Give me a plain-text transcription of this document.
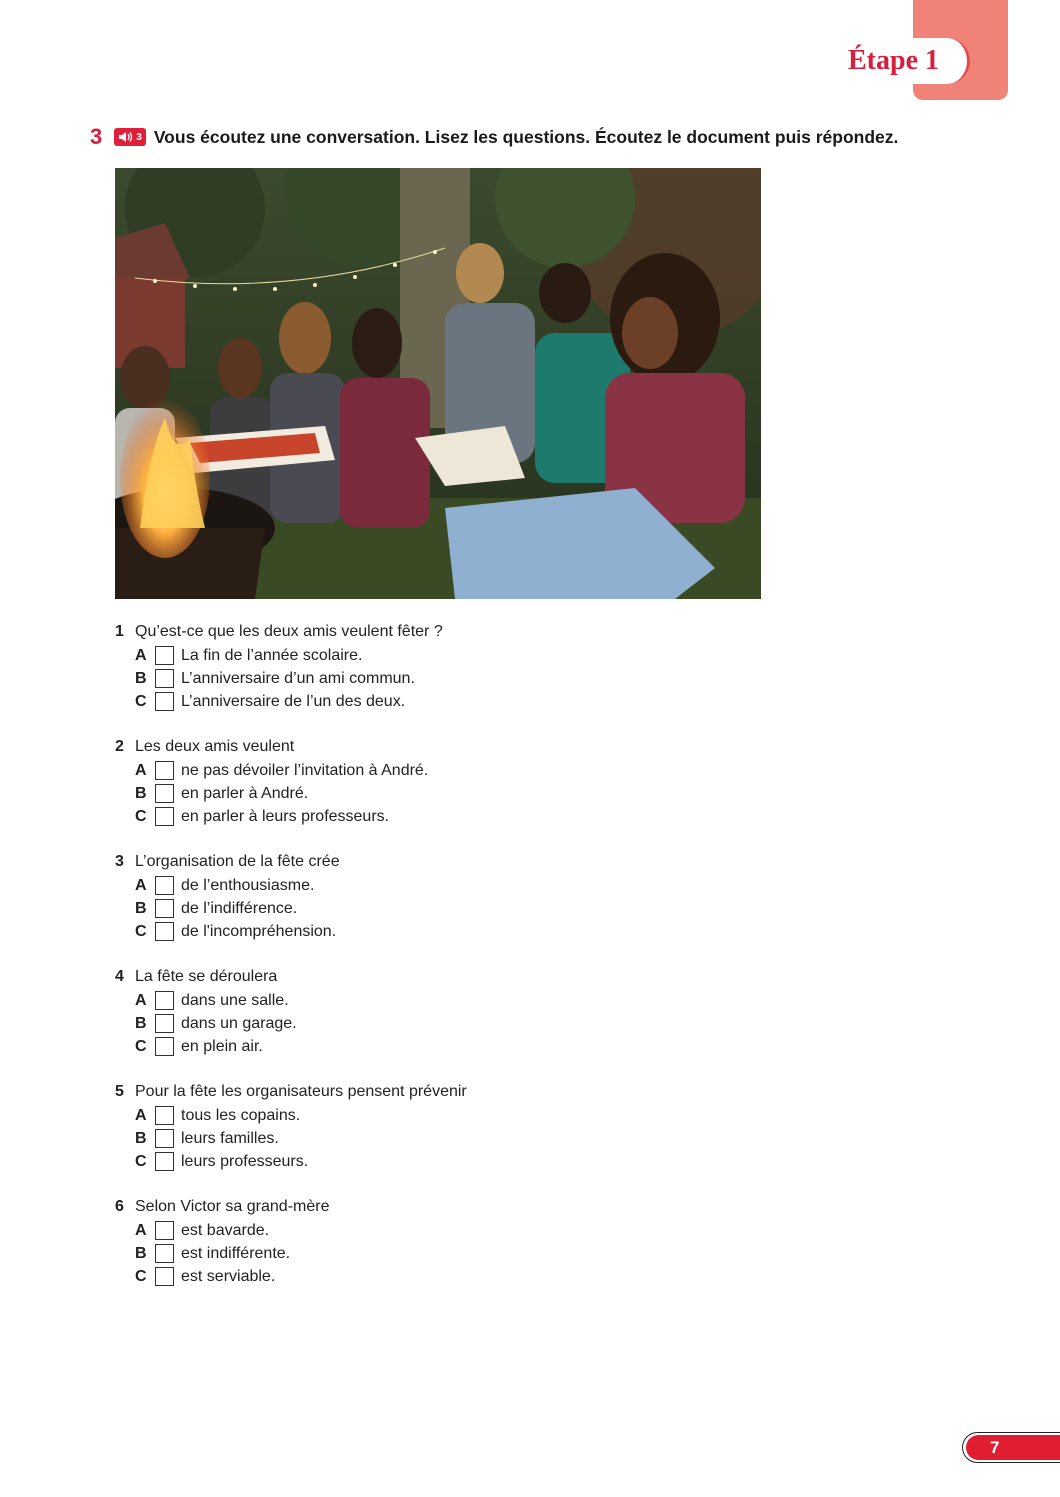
Étape 1
3	3 Vous écoutez une conversation. Lisez les questions. Écoutez le document puis répondez.
1 Qu’est-ce que les deux amis veulent fêter ?
A	La fin de l’année scolaire.
B	L’anniversaire d’un ami commun.
C	L’anniversaire de l’un des deux.
2 Les deux amis veulent
A	ne pas dévoiler l’invitation à André.
B	en parler à André.
C	en parler à leurs professeurs.
3 L’organisation de la fête crée
A	de l’enthousiasme.
B	de l’indifférence.
C	de l'incompréhension.
4 La fête se déroulera
A	dans une salle.
B	dans un garage.
C	en plein air.
5 Pour la fête les organisateurs pensent prévenir
A	tous les copains.
B	leurs familles.
C	leurs professeurs.
6 Selon Victor sa grand-mère
A	est bavarde.
B	est indifférente.
C	est serviable.
7
